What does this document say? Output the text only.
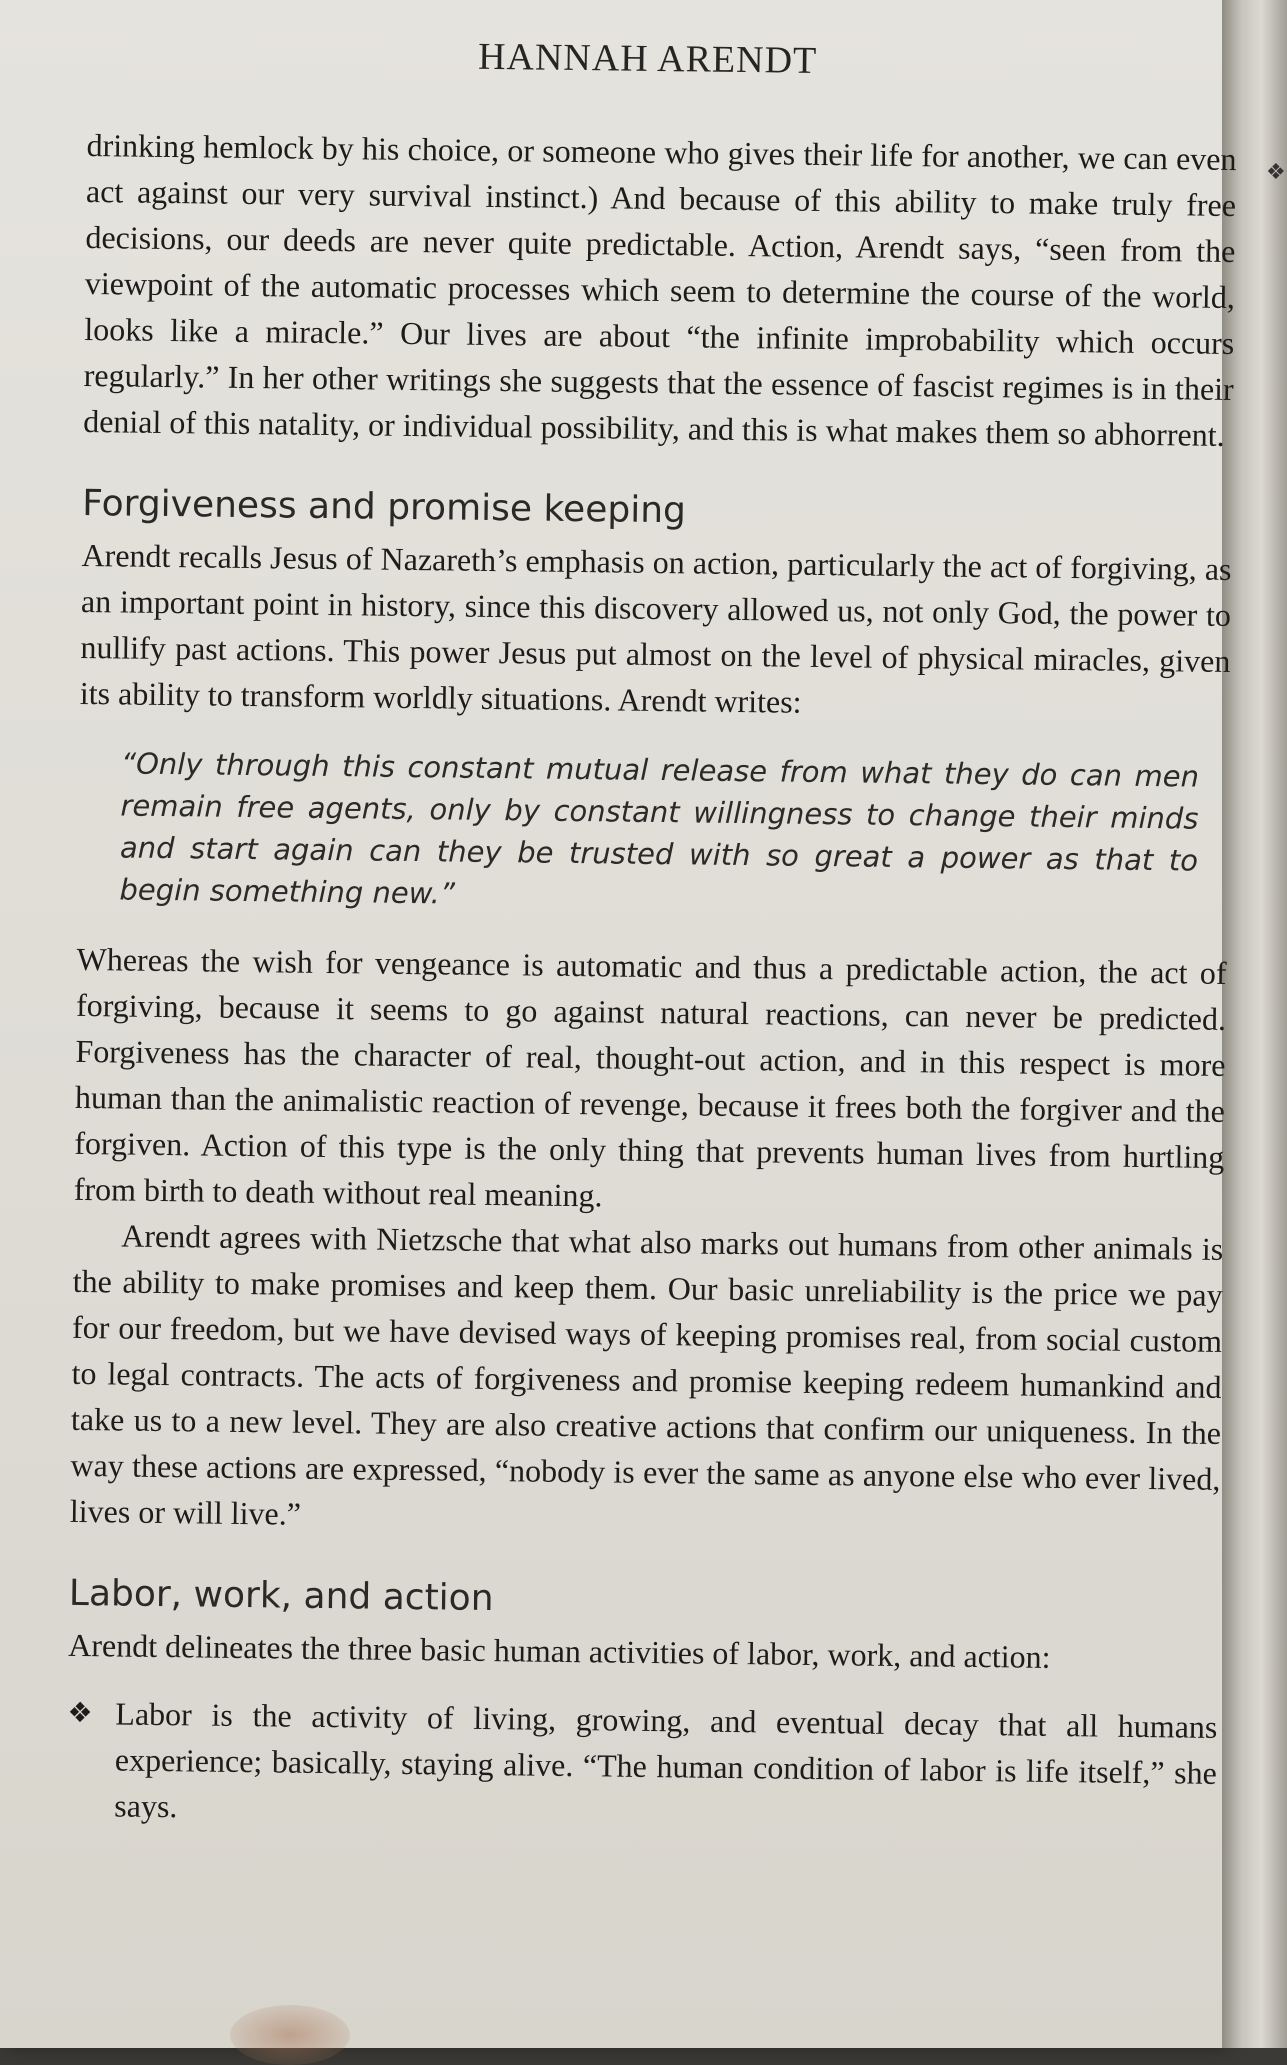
❖
HANNAH ARENDT

drinking hemlock by his choice, or someone who gives their life for another, we can even act against our very survival instinct.) And because of this ability to make truly free decisions, our deeds are never quite predictable. Action, Arendt says, “seen from the viewpoint of the automatic processes which seem to determine the course of the world, looks like a miracle.” Our lives are about “the infinite improbability which occurs regularly.” In her other writings she suggests that the essence of fascist regimes is in their denial of this natality, or individual possibility, and this is what makes them so abhorrent.

Forgiveness and promise keeping

Arendt recalls Jesus of Nazareth’s emphasis on action, particularly the act of forgiving, as an important point in history, since this discovery allowed us, not only God, the power to nullify past actions. This power Jesus put almost on the level of physical miracles, given its ability to transform worldly situations. Arendt writes:

“Only through this constant mutual release from what they do can men remain free agents, only by constant willingness to change their minds and start again can they be trusted with so great a power as that to begin something new.”

Whereas the wish for vengeance is automatic and thus a predictable action, the act of forgiving, because it seems to go against natural reactions, can never be predicted. Forgiveness has the character of real, thought-out action, and in this respect is more human than the animalistic reaction of revenge, because it frees both the forgiver and the forgiven. Action of this type is the only thing that prevents human lives from hurtling from birth to death without real meaning.

Arendt agrees with Nietzsche that what also marks out humans from other animals is the ability to make promises and keep them. Our basic unreliability is the price we pay for our freedom, but we have devised ways of keeping promises real, from social custom to legal contracts. The acts of forgiveness and promise keeping redeem humankind and take us to a new level. They are also creative actions that confirm our uniqueness. In the way these actions are expressed, “nobody is ever the same as anyone else who ever lived, lives or will live.”

Labor, work, and action

Arendt delineates the three basic human activities of labor, work, and action:

❖ Labor is the activity of living, growing, and eventual decay that all humans experience; basically, staying alive. “The human condition of labor is life itself,” she says.
